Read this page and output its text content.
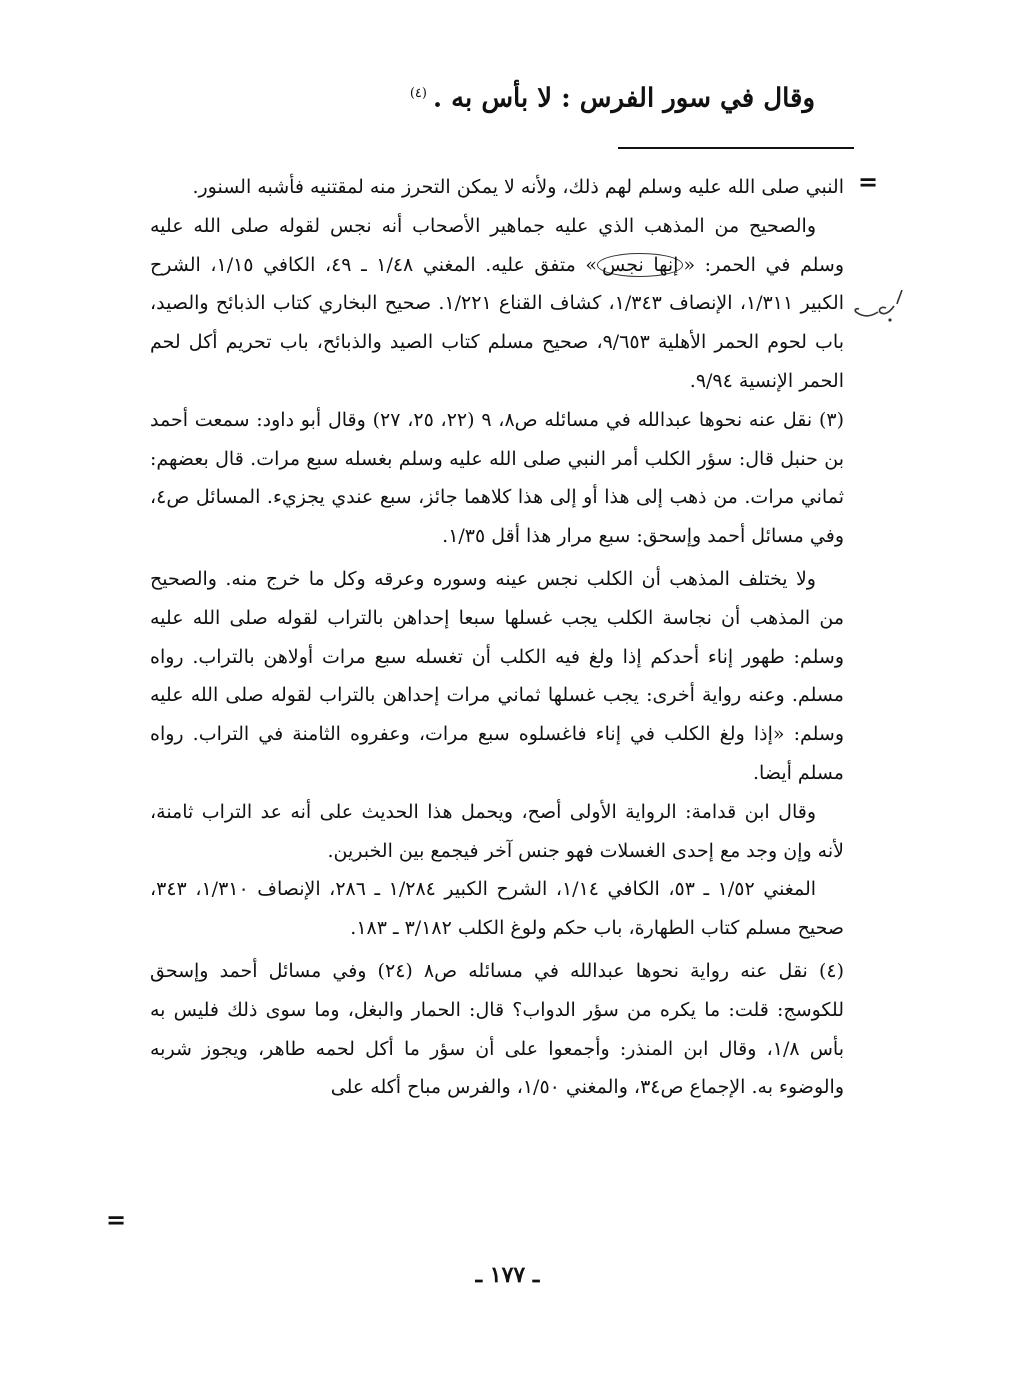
وقال في سور الفرس : لا بأس به .$^{(٤)}$
=

النبي صلى الله عليه وسلم لهم ذلك، ولأنه لا يمكن التحرز منه لمقتنيه فأشبه السنور.

والصحيح من المذهب الذي عليه جماهير الأصحاب أنه نجس لقوله صلى الله عليه وسلم في الحمر: «إنها نجس» متفق عليه. المغني ١/٤٨ ـ ٤٩، الكافي ١/١٥، الشرح الكبير ١/٣١١، الإنصاف ١/٣٤٣، كشاف القناع ١/٢٢١. صحيح البخاري كتاب الذبائح والصيد، باب لحوم الحمر الأهلية ٩/٦٥٣، صحيح مسلم كتاب الصيد والذبائح، باب تحريم أكل لحم الحمر الإنسية ٩/٩٤.

(٣) نقل عنه نحوها عبدالله في مسائله ص٨، ٩ (٢٢، ٢٥، ٢٧) وقال أبو داود: سمعت أحمد بن حنبل قال: سؤر الكلب أمر النبي صلى الله عليه وسلم بغسله سبع مرات. قال بعضهم: ثماني مرات. من ذهب إلى هذا أو إلى هذا كلاهما جائز، سبع عندي يجزيء. المسائل ص٤، وفي مسائل أحمد وإسحق: سبع مرار هذا أقل ١/٣٥.

ولا يختلف المذهب أن الكلب نجس عينه وسوره وعرقه وكل ما خرج منه. والصحيح من المذهب أن نجاسة الكلب يجب غسلها سبعا إحداهن بالتراب لقوله صلى الله عليه وسلم: طهور إناء أحدكم إذا ولغ فيه الكلب أن تغسله سبع مرات أولاهن بالتراب. رواه مسلم. وعنه رواية أخرى: يجب غسلها ثماني مرات إحداهن بالتراب لقوله صلى الله عليه وسلم: «إذا ولغ الكلب في إناء فاغسلوه سبع مرات، وعفروه الثامنة في التراب. رواه مسلم أيضا.

وقال ابن قدامة: الرواية الأولى أصح، ويحمل هذا الحديث على أنه عد التراب ثامنة، لأنه وإن وجد مع إحدى الغسلات فهو جنس آخر فيجمع بين الخبرين.

المغني ١/٥٢ ـ ٥٣، الكافي ١/١٤، الشرح الكبير ١/٢٨٤ ـ ٢٨٦، الإنصاف ١/٣١٠، ٣٤٣، صحيح مسلم كتاب الطهارة، باب حكم ولوغ الكلب ٣/١٨٢ ـ ١٨٣.

(٤) نقل عنه رواية نحوها عبدالله في مسائله ص٨ (٢٤) وفي مسائل أحمد وإسحق للكوسج: قلت: ما يكره من سؤر الدواب؟ قال: الحمار والبغل، وما سوى ذلك فليس به بأس ١/٨، وقال ابن المنذر: وأجمعوا على أن سؤر ما أكل لحمه طاهر، ويجوز شربه والوضوء به. الإجماع ص٣٤، والمغني ١/٥٠، والفرس مباح أكله على

=
ـ ١٧٧ ـ
